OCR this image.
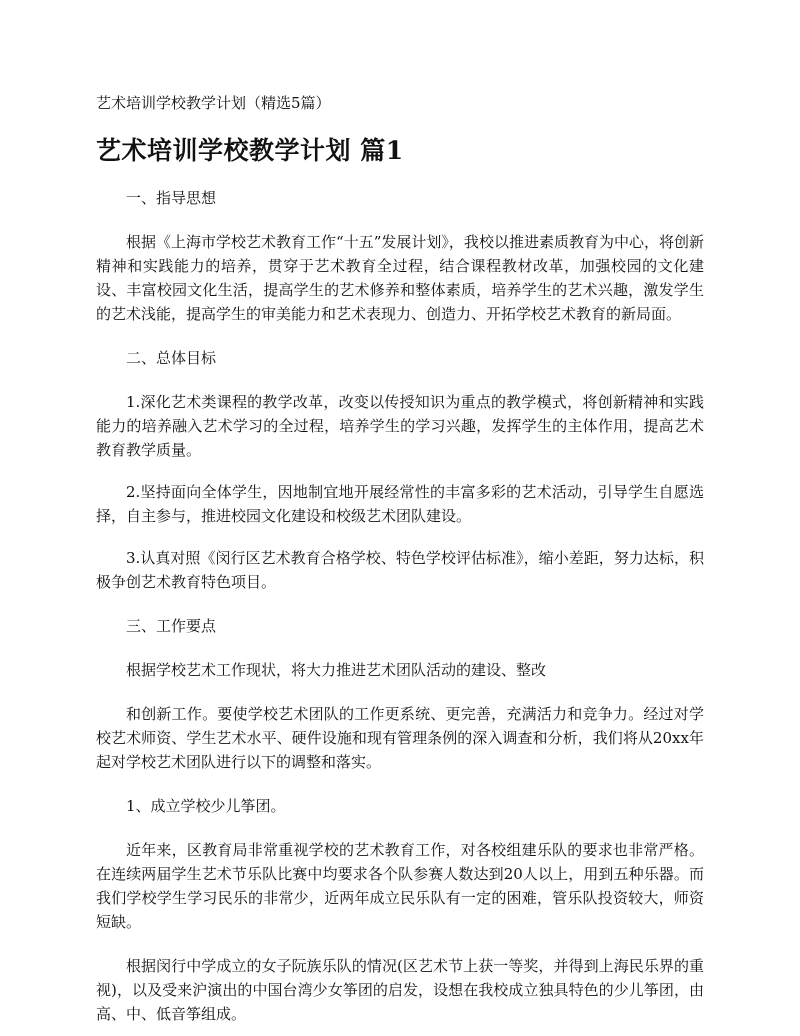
艺术培训学校教学计划（精选5篇）

艺术培训学校教学计划 篇1

一、指导思想

根据《上海市学校艺术教育工作“十五”发展计划》，我校以推进素质教育为中心，将创新精神和实践能力的培养，贯穿于艺术教育全过程，结合课程教材改革，加强校园的文化建设、丰富校园文化生活，提高学生的艺术修养和整体素质，培养学生的艺术兴趣，激发学生的艺术浅能，提高学生的审美能力和艺术表现力、创造力、开拓学校艺术教育的新局面。

二、总体目标

1.深化艺术类课程的教学改革，改变以传授知识为重点的教学模式，将创新精神和实践能力的培养融入艺术学习的全过程，培养学生的学习兴趣，发挥学生的主体作用，提高艺术教育教学质量。

2.坚持面向全体学生，因地制宜地开展经常性的丰富多彩的艺术活动，引导学生自愿选择，自主参与，推进校园文化建设和校级艺术团队建设。

3.认真对照《闵行区艺术教育合格学校、特色学校评估标准》，缩小差距，努力达标，积极争创艺术教育特色项目。

三、工作要点

根据学校艺术工作现状，将大力推进艺术团队活动的建设、整改

和创新工作。要使学校艺术团队的工作更系统、更完善，充满活力和竞争力。经过对学校艺术师资、学生艺术水平、硬件设施和现有管理条例的深入调查和分析，我们将从20xx年起对学校艺术团队进行以下的调整和落实。

1、成立学校少儿筝团。

近年来，区教育局非常重视学校的艺术教育工作，对各校组建乐队的要求也非常严格。在连续两届学生艺术节乐队比赛中均要求各个队参赛人数达到20人以上，用到五种乐器。而我们学校学生学习民乐的非常少，近两年成立民乐队有一定的困难，管乐队投资较大，师资短缺。

根据闵行中学成立的女子阮族乐队的情况(区艺术节上获一等奖，并得到上海民乐界的重视)，以及受来沪演出的中国台湾少女筝团的启发，设想在我校成立独具特色的少儿筝团，由高、中、低音筝组成。
